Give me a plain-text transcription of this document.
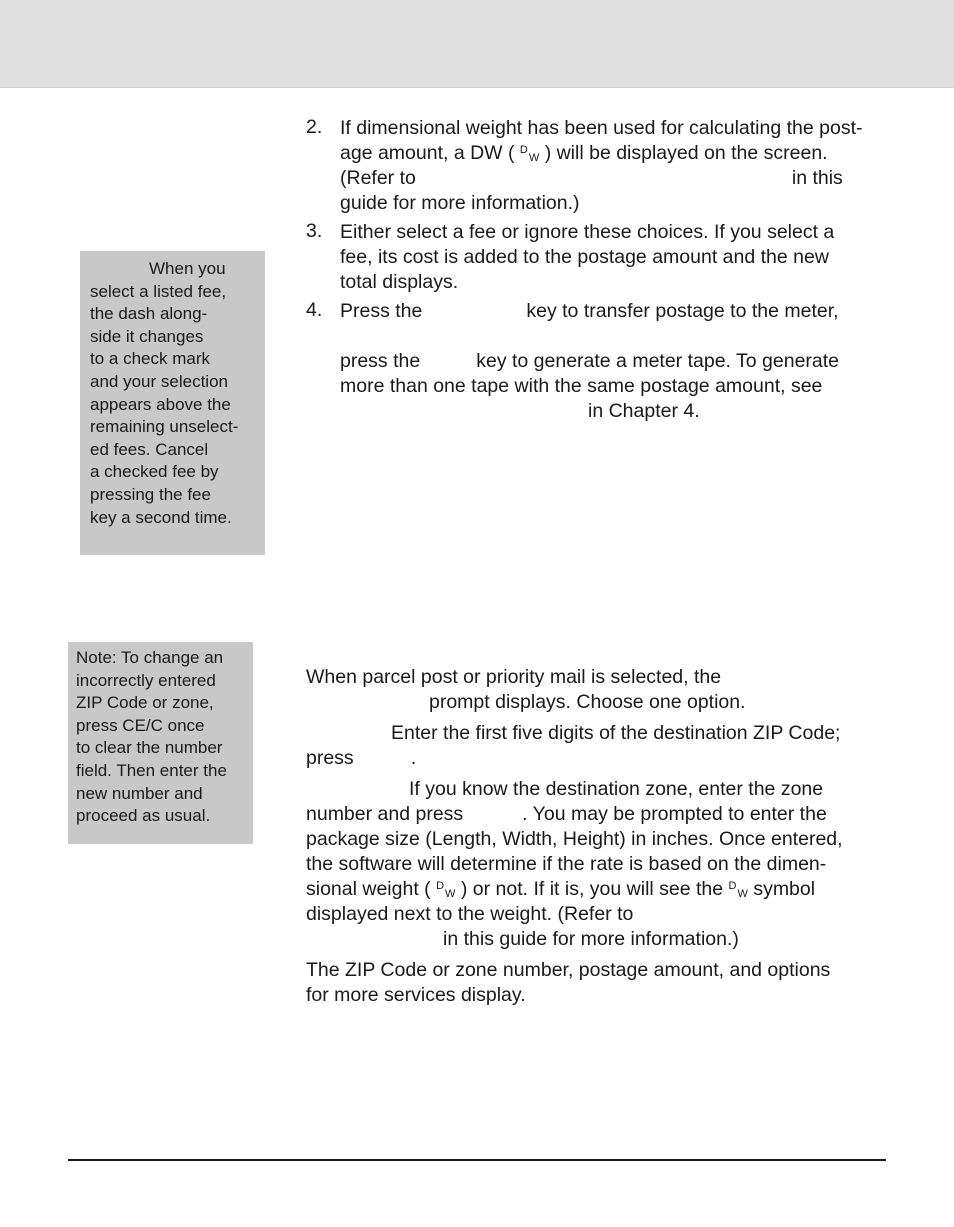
When you
select a listed fee,
the dash along-
side it changes
to a check mark
and your selection
appears above the
remaining unselect-
ed fees. Cancel
a checked fee by
pressing the fee
key a second time.
Note: To change an
incorrectly entered
ZIP Code or zone,
press CE/C once
to clear the number
field. Then enter the
new number and
proceed as usual.
2. If dimensional weight has been used for calculating the post-
age amount, a DW ( DW ) will be displayed on the screen.
(Refer to	in this
guide for more information.)
3. Either select a fee or ignore these choices. If you select a
fee, its cost is added to the postage amount and the new
total displays.
4. Press the	key to transfer postage to the meter,
press the	key to generate a meter tape. To generate
more than one tape with the same postage amount, see
in Chapter 4.
When parcel post or priority mail is selected, the
prompt displays. Choose one option.
Enter the first five digits of the destination ZIP Code;
press	.
If you know the destination zone, enter the zone
number and press	. You may be prompted to enter the
package size (Length, Width, Height) in inches. Once entered,
the software will determine if the rate is based on the dimen-
sional weight ( DW ) or not. If it is, you will see the DW symbol
displayed next to the weight. (Refer to
in this guide for more information.)
The ZIP Code or zone number, postage amount, and options
for more services display.
